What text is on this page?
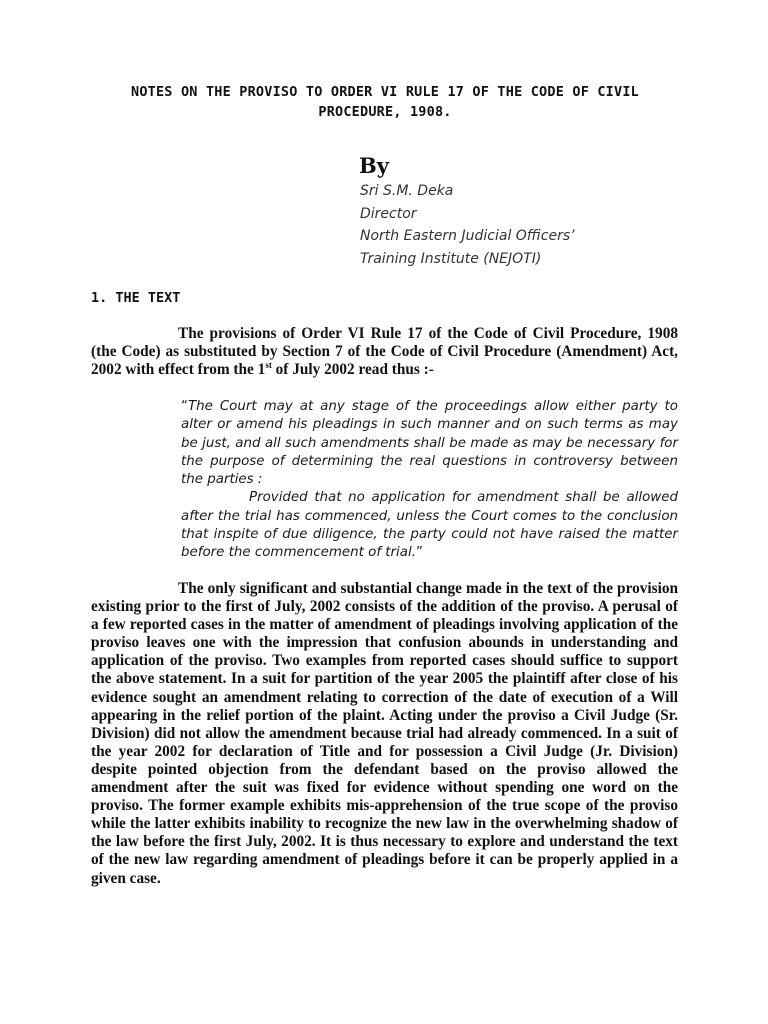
NOTES ON THE PROVISO TO ORDER VI RULE 17 OF THE CODE OF CIVIL
PROCEDURE, 1908.
By
Sri S.M. Deka
Director
North Eastern Judicial Officers’
Training Institute (NEJOTI)
1. THE TEXT
The provisions of Order VI Rule 17 of the Code of Civil Procedure, 1908 (the Code) as substituted by Section 7 of the Code of Civil Procedure (Amendment) Act, 2002 with effect from the 1st of July 2002 read thus :-
“The Court may at any stage of the proceedings allow either party to alter or amend his pleadings in such manner and on such terms as may be just, and all such amendments shall be made as may be necessary for the purpose of determining the real questions in controversy between the parties :
Provided that no application for amendment shall be allowed after the trial has commenced, unless the Court comes to the conclusion that inspite of due diligence, the party could not have raised the matter before the commencement of trial.”
The only significant and substantial change made in the text of the provision existing prior to the first of July, 2002 consists of the addition of the proviso. A perusal of a few reported cases in the matter of amendment of pleadings involving application of the proviso leaves one with the impression that confusion abounds in understanding and application of the proviso. Two examples from reported cases should suffice to support the above statement. In a suit for partition of the year 2005 the plaintiff after close of his evidence sought an amendment relating to correction of the date of execution of a Will appearing in the relief portion of the plaint. Acting under the proviso a Civil Judge (Sr. Division) did not allow the amendment because trial had already commenced. In a suit of the year 2002 for declaration of Title and for possession a Civil Judge (Jr. Division) despite pointed objection from the defendant based on the proviso allowed the amendment after the suit was fixed for evidence without spending one word on the proviso. The former example exhibits mis-apprehension of the true scope of the proviso while the latter exhibits inability to recognize the new law in the overwhelming shadow of the law before the first July, 2002. It is thus necessary to explore and understand the text of the new law regarding amendment of pleadings before it can be properly applied in a given case.
